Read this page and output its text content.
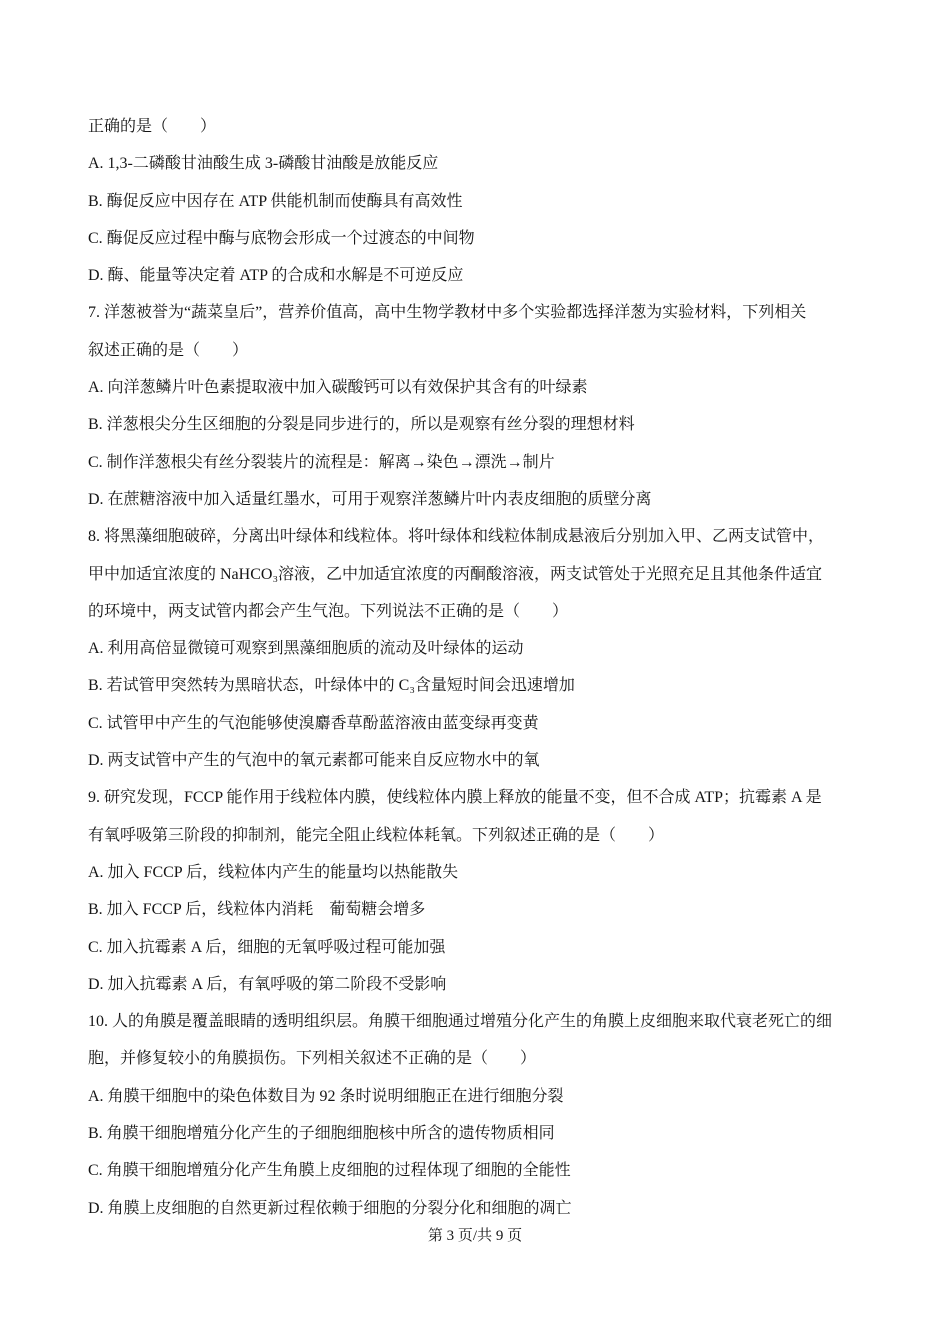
正确的是（　　）
A. 1,3-二磷酸甘油酸生成 3-磷酸甘油酸是放能反应
B. 酶促反应中因存在 ATP 供能机制而使酶具有高效性
C. 酶促反应过程中酶与底物会形成一个过渡态的中间物
D. 酶、能量等决定着 ATP 的合成和水解是不可逆反应
7. 洋葱被誉为“蔬菜皇后”，营养价值高，高中生物学教材中多个实验都选择洋葱为实验材料，下列相关
叙述正确的是（　　）
A. 向洋葱鳞片叶色素提取液中加入碳酸钙可以有效保护其含有的叶绿素
B. 洋葱根尖分生区细胞的分裂是同步进行的，所以是观察有丝分裂的理想材料
C. 制作洋葱根尖有丝分裂装片的流程是：解离→染色→漂洗→制片
D. 在蔗糖溶液中加入适量红墨水，可用于观察洋葱鳞片叶内表皮细胞的质壁分离
8. 将黑藻细胞破碎，分离出叶绿体和线粒体。将叶绿体和线粒体制成悬液后分别加入甲、乙两支试管中，
甲中加适宜浓度的 NaHCO₃溶液，乙中加适宜浓度的丙酮酸溶液，两支试管处于光照充足且其他条件适宜
的环境中，两支试管内都会产生气泡。下列说法不正确的是（　　）
A. 利用高倍显微镜可观察到黑藻细胞质的流动及叶绿体的运动
B. 若试管甲突然转为黑暗状态，叶绿体中的 C₃含量短时间会迅速增加
C. 试管甲中产生的气泡能够使溴麝香草酚蓝溶液由蓝变绿再变黄
D. 两支试管中产生的气泡中的氧元素都可能来自反应物水中的氧
9. 研究发现，FCCP 能作用于线粒体内膜，使线粒体内膜上释放的能量不变，但不合成 ATP；抗霉素 A 是
有氧呼吸第三阶段的抑制剂，能完全阻止线粒体耗氧。下列叙述正确的是（　　）
A. 加入 FCCP 后，线粒体内产生的能量均以热能散失
B. 加入 FCCP 后，线粒体内消耗　葡萄糖会增多
C. 加入抗霉素 A 后，细胞的无氧呼吸过程可能加强
D. 加入抗霉素 A 后，有氧呼吸的第二阶段不受影响
10. 人的角膜是覆盖眼睛的透明组织层。角膜干细胞通过增殖分化产生的角膜上皮细胞来取代衰老死亡的细
胞，并修复较小的角膜损伤。下列相关叙述不正确的是（　　）
A. 角膜干细胞中的染色体数目为 92 条时说明细胞正在进行细胞分裂
B. 角膜干细胞增殖分化产生的子细胞细胞核中所含的遗传物质相同
C. 角膜干细胞增殖分化产生角膜上皮细胞的过程体现了细胞的全能性
D. 角膜上皮细胞的自然更新过程依赖于细胞的分裂分化和细胞的凋亡
第 3 页/共 9 页
